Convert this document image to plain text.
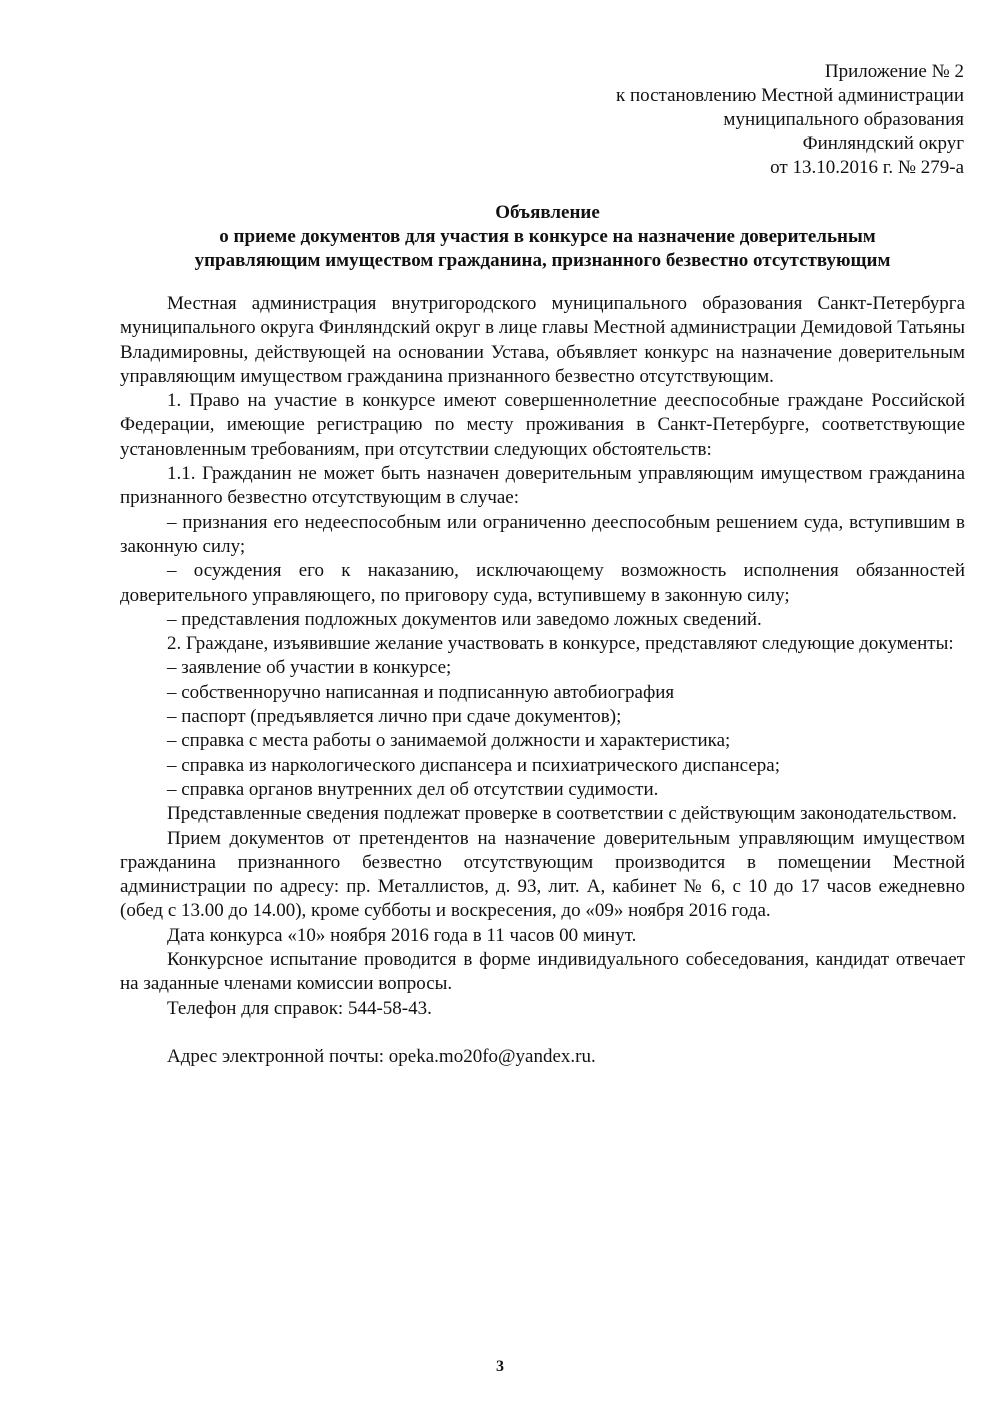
Приложение № 2
к постановлению Местной администрации
муниципального образования
Финляндский округ
от 13.10.2016 г. № 279-а
Объявление
о приеме документов для участия в конкурсе на назначение доверительным
управляющим имуществом гражданина, признанного безвестно отсутствующим

Местная администрация внутригородского муниципального образования Санкт-Петербурга муниципального округа Финляндский округ в лице главы Местной администрации Демидовой Татьяны Владимировны, действующей на основании Устава, объявляет конкурс на назначение доверительным управляющим имуществом гражданина признанного безвестно отсутствующим.

1. Право на участие в конкурсе имеют совершеннолетние дееспособные граждане Российской Федерации, имеющие регистрацию по месту проживания в Санкт-Петербурге, соответствующие установленным требованиям, при отсутствии следующих обстоятельств:

1.1. Гражданин не может быть назначен доверительным управляющим имуществом гражданина признанного безвестно отсутствующим в случае:

– признания его недееспособным или ограниченно дееспособным решением суда, вступившим в законную силу;

– осуждения его к наказанию, исключающему возможность исполнения обязанностей доверительного управляющего, по приговору суда, вступившему в законную силу;

– представления подложных документов или заведомо ложных сведений.

2. Граждане, изъявившие желание участвовать в конкурсе, представляют следующие документы:

– заявление об участии в конкурсе;

– собственноручно написанная и подписанную автобиография

– паспорт (предъявляется лично при сдаче документов);

– справка с места работы о занимаемой должности и характеристика;

– справка из наркологического диспансера и психиатрического диспансера;

– справка органов внутренних дел об отсутствии судимости.

Представленные сведения подлежат проверке в соответствии с действующим законодательством.

Прием документов от претендентов на назначение доверительным управляющим имуществом гражданина признанного безвестно отсутствующим производится в помещении Местной администрации по адресу: пр. Металлистов, д. 93, лит. А, кабинет № 6, с 10 до 17 часов ежедневно (обед с 13.00 до 14.00), кроме субботы и воскресения, до «09» ноября 2016 года.

Дата конкурса «10» ноября 2016 года в 11 часов 00 минут.

Конкурсное испытание проводится в форме индивидуального собеседования, кандидат отвечает на заданные членами комиссии вопросы.

Телефон для справок: 544-58-43.

Адрес электронной почты: opeka.mo20fo@yandex.ru.

3
